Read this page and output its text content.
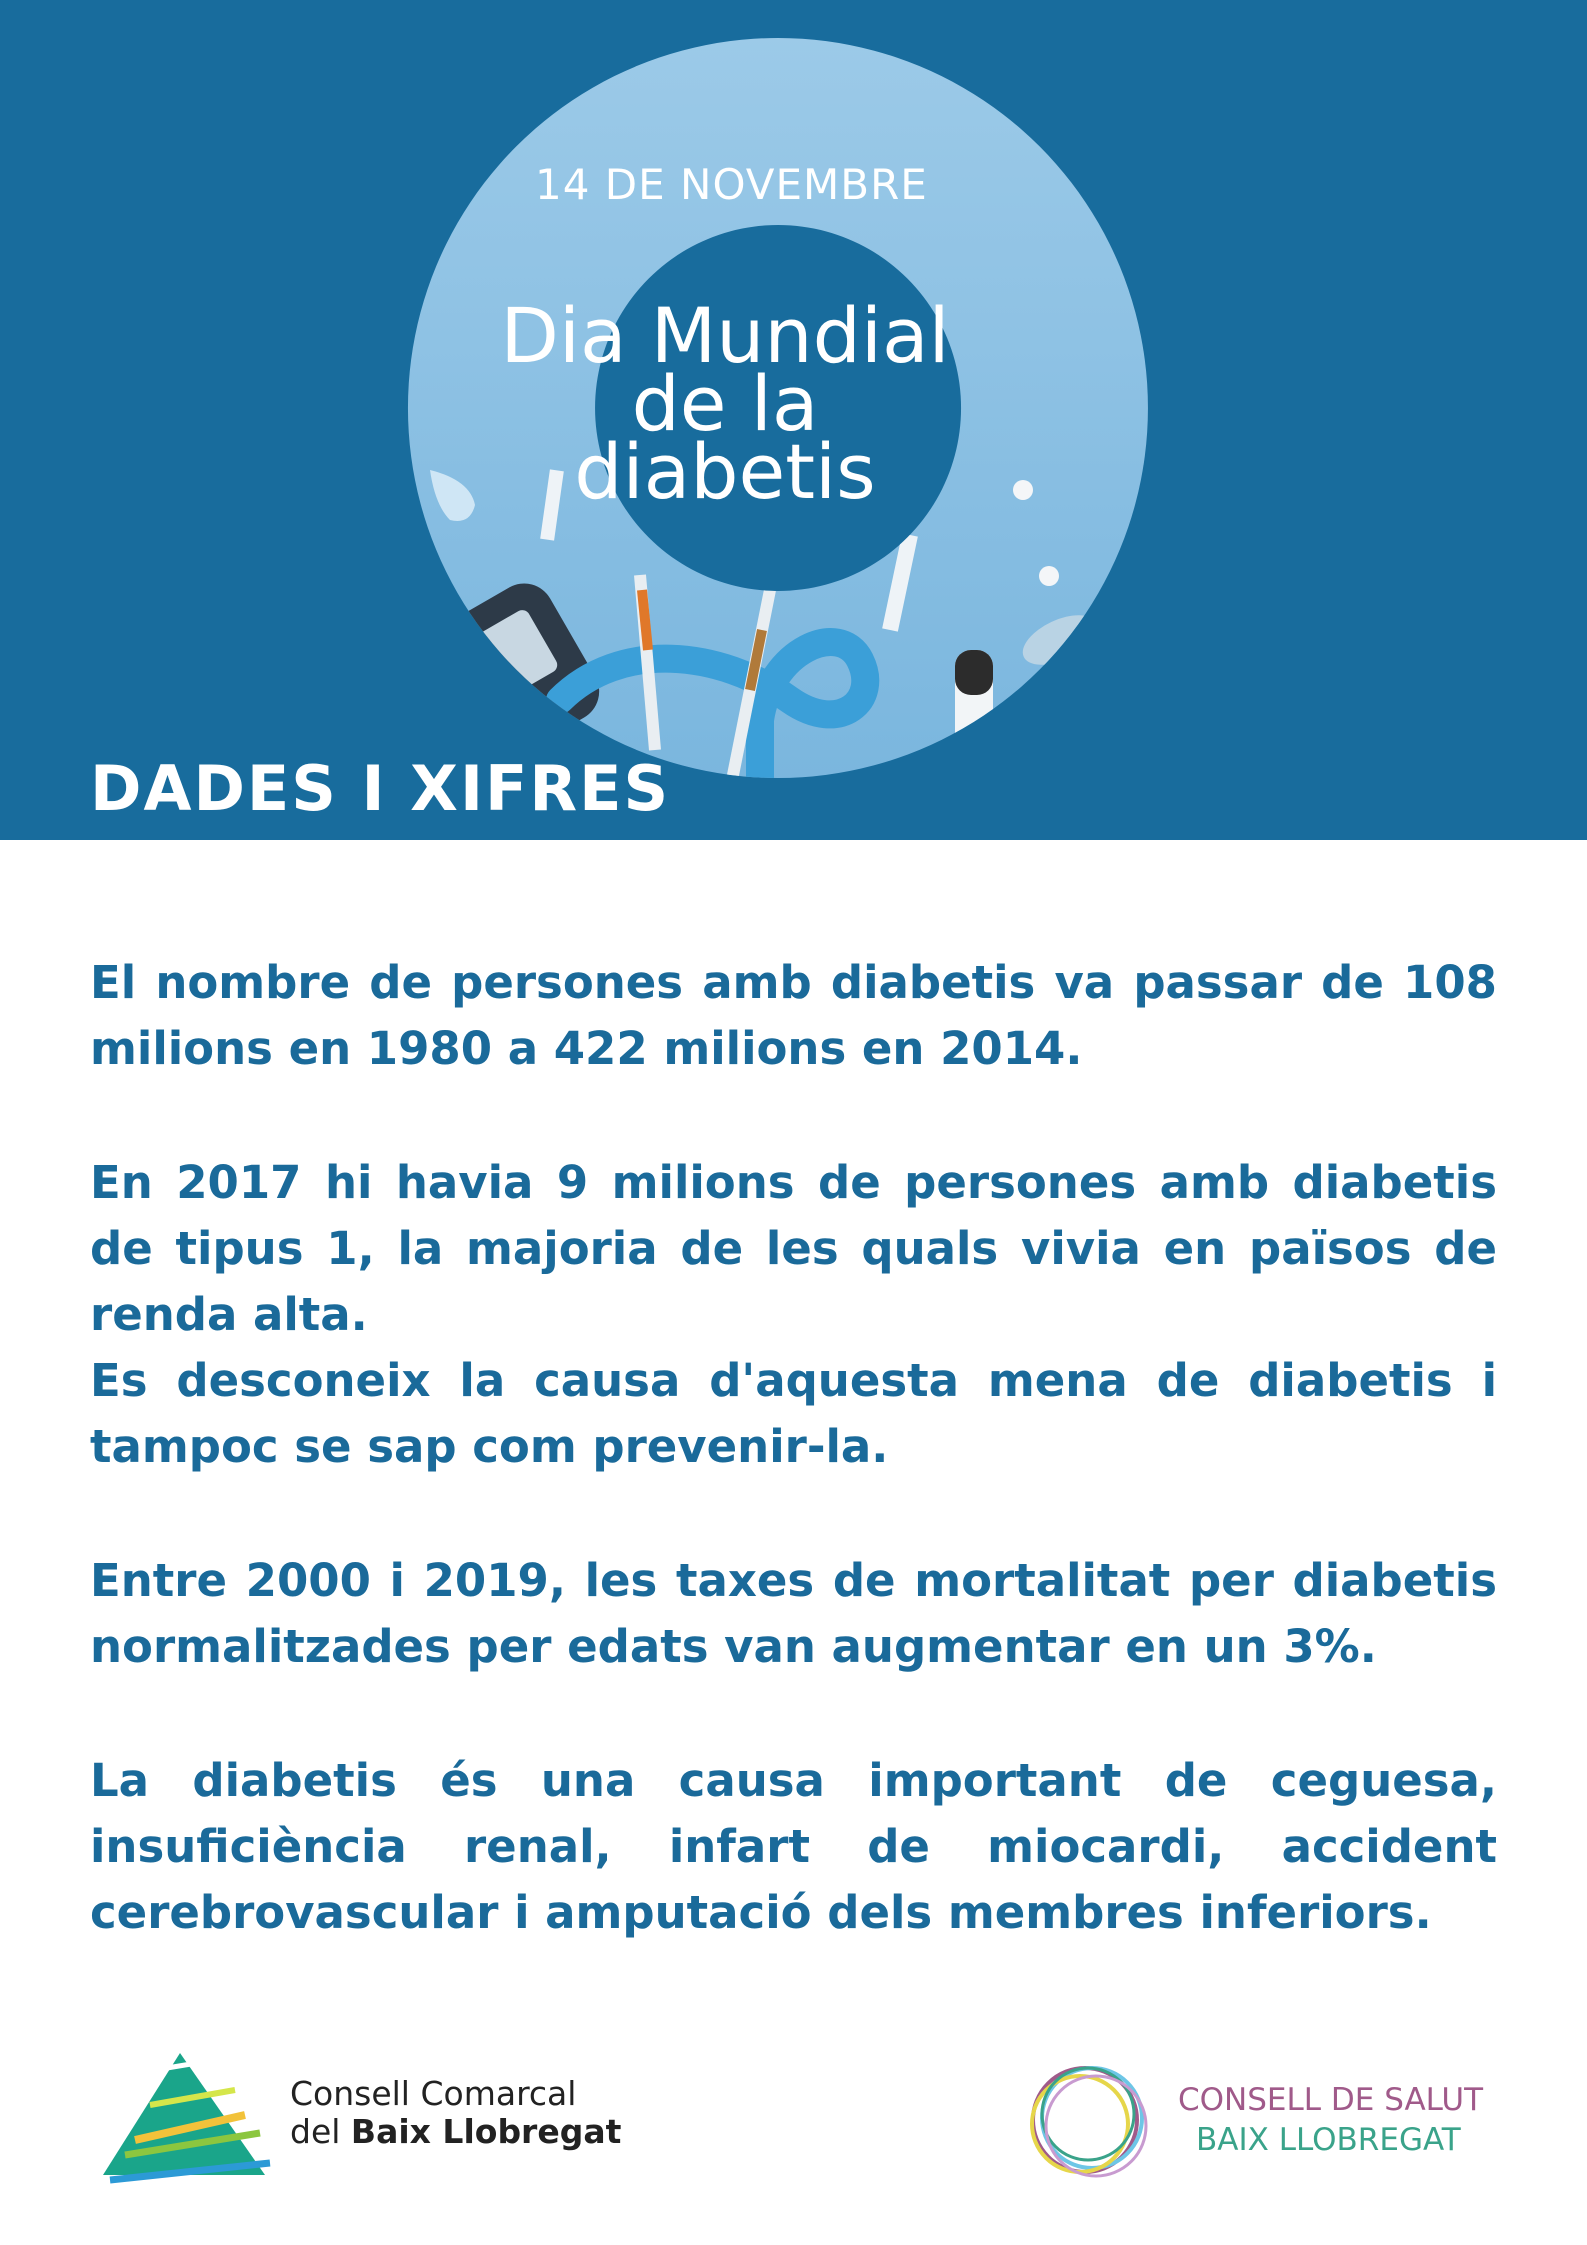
14 DE NOVEMBRE
Dia Mundial
de la
diabetis
DADES I XIFRES

El nombre de persones amb diabetis va passar de 108 milions en 1980 a 422 milions en 2014.

En 2017 hi havia 9 milions de persones amb diabetis de tipus 1, la majoria de les quals vivia en països de renda alta.

Es desconeix la causa d'aquesta mena de diabetis i tampoc se sap com prevenir-la.

Entre 2000 i 2019, les taxes de mortalitat per diabetis normalitzades per edats van augmentar en un 3%.

La diabetis és una causa important de ceguesa, insuficiència renal, infart de miocardi, accident cerebrovascular i amputació dels membres inferiors.

Consell Comarcal
del Baix Llobregat
CONSELL DE SALUT
BAIX LLOBREGAT
